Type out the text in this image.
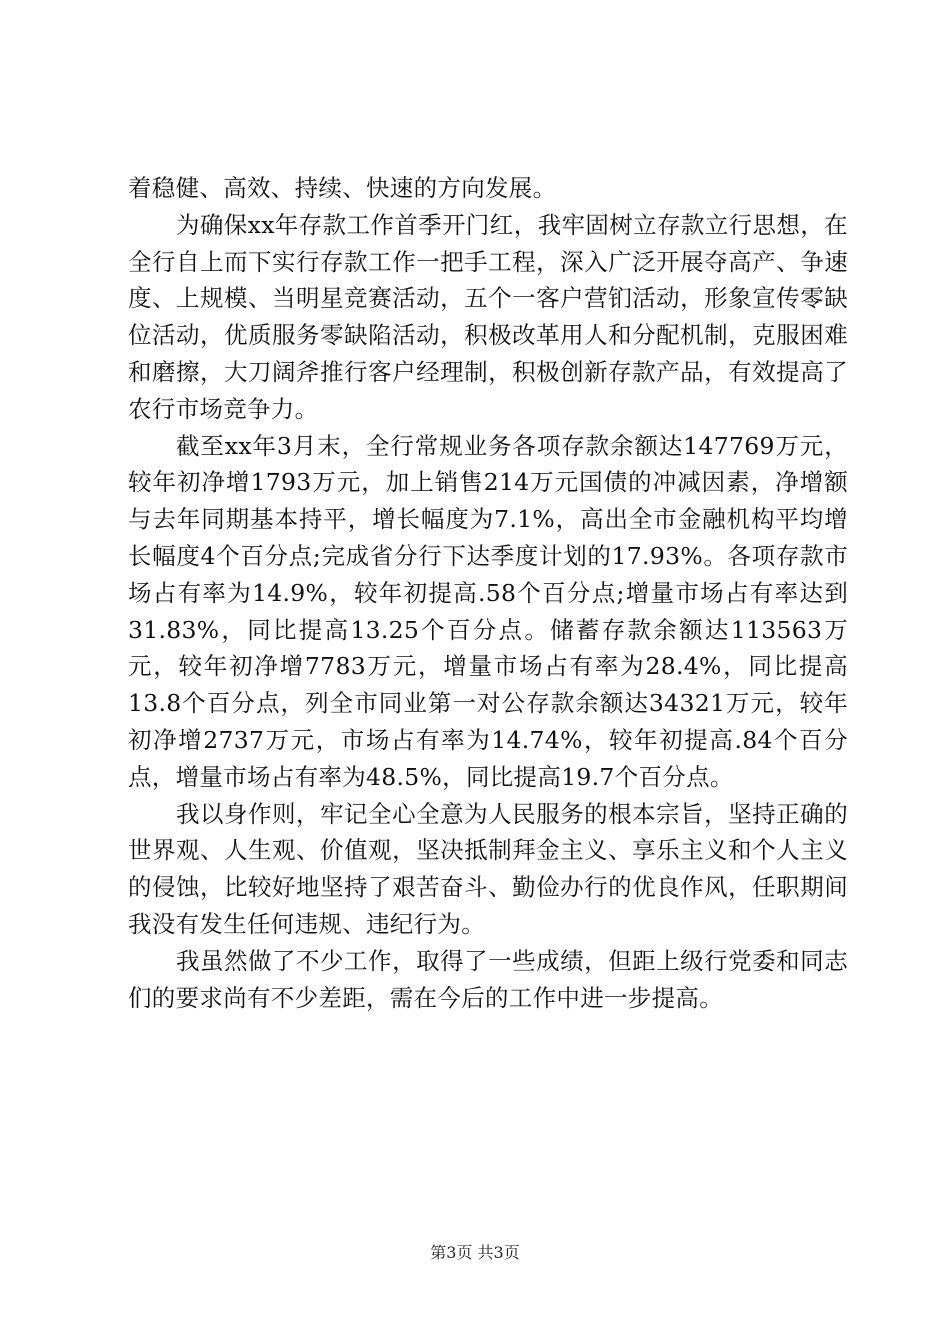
着稳健、高效、持续、快速的方向发展。

为确保xx年存款工作首季开门红，我牢固树立存款立行思想，在全行自上而下实行存款工作一把手工程，深入广泛开展夺高产、争速度、上规模、当明星竞赛活动，五个一客户营钔活动，形象宣传零缺位活动，优质服务零缺陷活动，积极改革用人和分配机制，克服困难和磨擦，大刀阔斧推行客户经理制，积极创新存款产品，有效提高了农行市场竞争力。

截至xx年3月末，全行常规业务各项存款余额达147769万元，较年初净增1793万元，加上销售214万元国债的冲减因素，净增额与去年同期基本持平，增长幅度为7.1%，高出全市金融机构平均增长幅度4个百分点;完成省分行下达季度计划的17.93%。各项存款市场占有率为14.9%，较年初提高.58个百分点;增量市场占有率达到31.83%，同比提高13.25个百分点。储蓄存款余额达113563万元，较年初净增7783万元，增量市场占有率为28.4%，同比提高13.8个百分点，列全市同业第一对公存款余额达34321万元，较年初净增2737万元，市场占有率为14.74%，较年初提高.84个百分点，增量市场占有率为48.5%，同比提高19.7个百分点。

我以身作则，牢记全心全意为人民服务的根本宗旨，坚持正确的世界观、人生观、价值观，坚决抵制拜金主义、享乐主义和个人主义的侵蚀，比较好地坚持了艰苦奋斗、勤俭办行的优良作风，任职期间我没有发生任何违规、违纪行为。

我虽然做了不少工作，取得了一些成绩，但距上级行党委和同志们的要求尚有不少差距，需在今后的工作中进一步提高。

第3页 共3页
